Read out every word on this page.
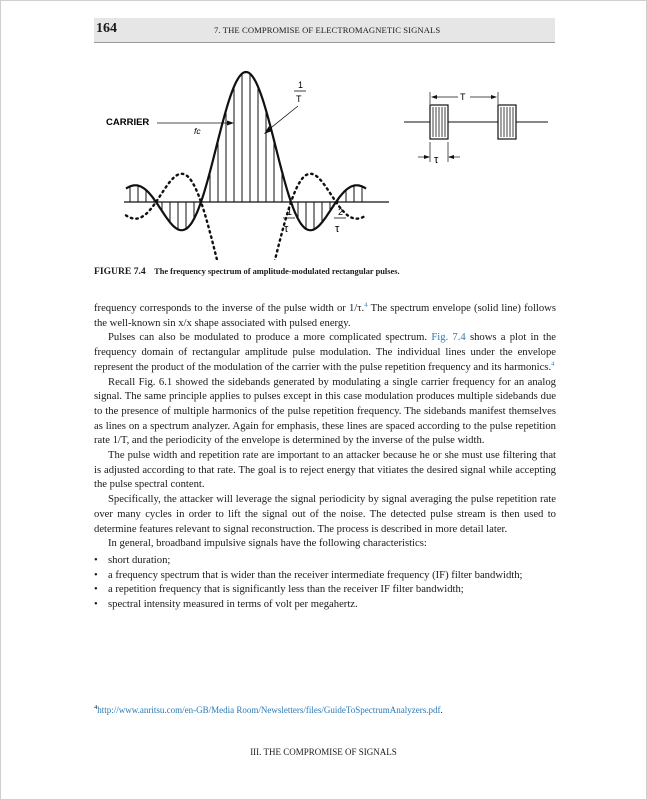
164	7. THE COMPROMISE OF ELECTROMAGNETIC SIGNALS
CARRIER
fc
1
T
1
τ
2
τ
T
τ
FIGURE 7.4 The frequency spectrum of amplitude-modulated rectangular pulses.

frequency corresponds to the inverse of the pulse width or 1/τ.$^4$ The spectrum envelope (solid line) follows the well-known sin x/x shape associated with pulsed energy.

Pulses can also be modulated to produce a more complicated spectrum. Fig. 7.4 shows a plot in the frequency domain of rectangular amplitude pulse modulation. The individual lines under the envelope represent the product of the modulation of the carrier with the pulse repetition frequency and its harmonics.$^4$

Recall Fig. 6.1 showed the sidebands generated by modulating a single carrier frequency for an analog signal. The same principle applies to pulses except in this case modulation produces multiple sidebands due to the presence of multiple harmonics of the pulse repetition frequency. The sidebands manifest themselves as lines on a spectrum analyzer. Again for emphasis, these lines are spaced according to the pulse repetition rate 1/T, and the periodicity of the envelope is determined by the inverse of the pulse width.

The pulse width and repetition rate are important to an attacker because he or she must use filtering that is adjusted according to that rate. The goal is to reject energy that vitiates the desired signal while accepting the pulse spectral content.

Specifically, the attacker will leverage the signal periodicity by signal averaging the pulse repetition rate over many cycles in order to lift the signal out of the noise. The detected pulse stream is then used to determine features relevant to signal reconstruction. The process is described in more detail later.

In general, broadband impulsive signals have the following characteristics:

• short duration;
• a frequency spectrum that is wider than the receiver intermediate frequency (IF) filter bandwidth;
• a repetition frequency that is significantly less than the receiver IF filter bandwidth;
• spectral intensity measured in terms of volt per megahertz.
$^4$http://www.anritsu.com/en-GB/Media Room/Newsletters/files/GuideToSpectrumAnalyzers.pdf.
III. THE COMPROMISE OF SIGNALS
